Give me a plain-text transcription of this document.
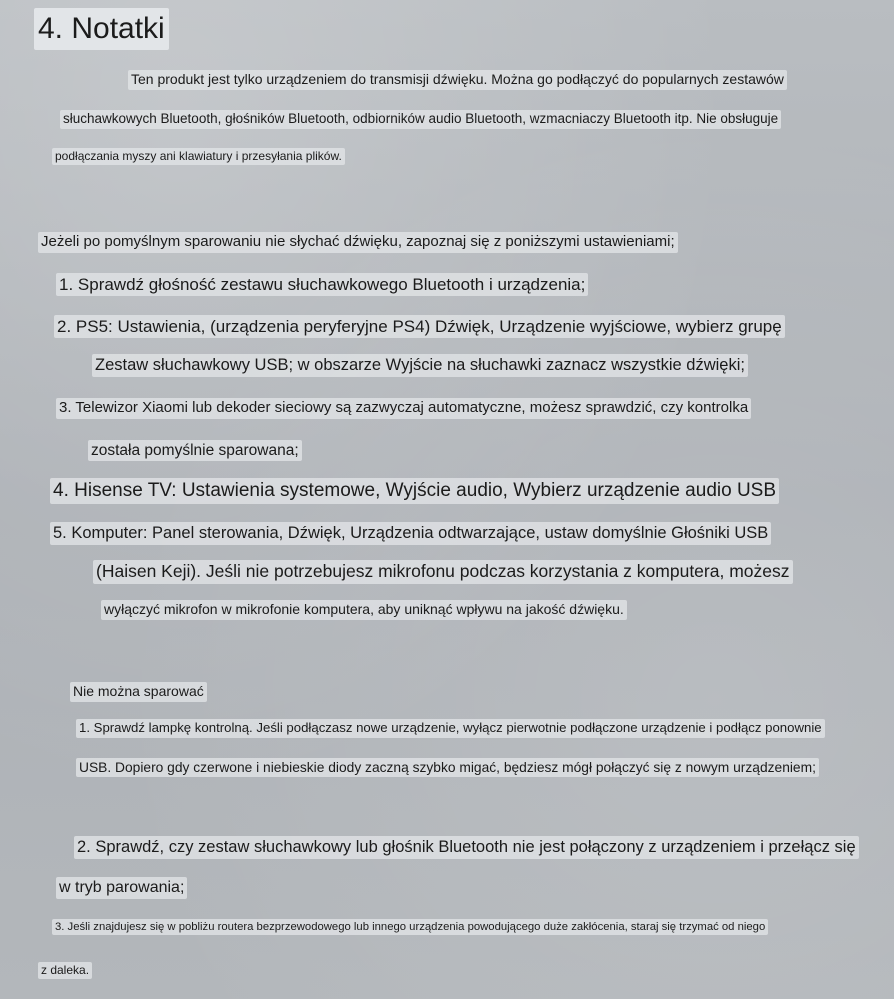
4. Notatki
Ten produkt jest tylko urządzeniem do transmisji dźwięku. Można go podłączyć do popularnych zestawów
słuchawkowych Bluetooth, głośników Bluetooth, odbiorników audio Bluetooth, wzmacniaczy Bluetooth itp. Nie obsługuje
podłączania myszy ani klawiatury i przesyłania plików.
Jeżeli po pomyślnym sparowaniu nie słychać dźwięku, zapoznaj się z poniższymi ustawieniami;
1. Sprawdź głośność zestawu słuchawkowego Bluetooth i urządzenia;
2. PS5: Ustawienia, (urządzenia peryferyjne PS4) Dźwięk, Urządzenie wyjściowe, wybierz grupę
Zestaw słuchawkowy USB; w obszarze Wyjście na słuchawki zaznacz wszystkie dźwięki;
3. Telewizor Xiaomi lub dekoder sieciowy są zazwyczaj automatyczne, możesz sprawdzić, czy kontrolka
została pomyślnie sparowana;
4. Hisense TV: Ustawienia systemowe, Wyjście audio, Wybierz urządzenie audio USB
5. Komputer: Panel sterowania, Dźwięk, Urządzenia odtwarzające, ustaw domyślnie Głośniki USB
(Haisen Keji). Jeśli nie potrzebujesz mikrofonu podczas korzystania z komputera, możesz
wyłączyć mikrofon w mikrofonie komputera, aby uniknąć wpływu na jakość dźwięku.
Nie można sparować
1. Sprawdź lampkę kontrolną. Jeśli podłączasz nowe urządzenie, wyłącz pierwotnie podłączone urządzenie i podłącz ponownie
USB. Dopiero gdy czerwone i niebieskie diody zaczną szybko migać, będziesz mógł połączyć się z nowym urządzeniem;
2. Sprawdź, czy zestaw słuchawkowy lub głośnik Bluetooth nie jest połączony z urządzeniem i przełącz się
w tryb parowania;
3. Jeśli znajdujesz się w pobliżu routera bezprzewodowego lub innego urządzenia powodującego duże zakłócenia, staraj się trzymać od niego
z daleka.
